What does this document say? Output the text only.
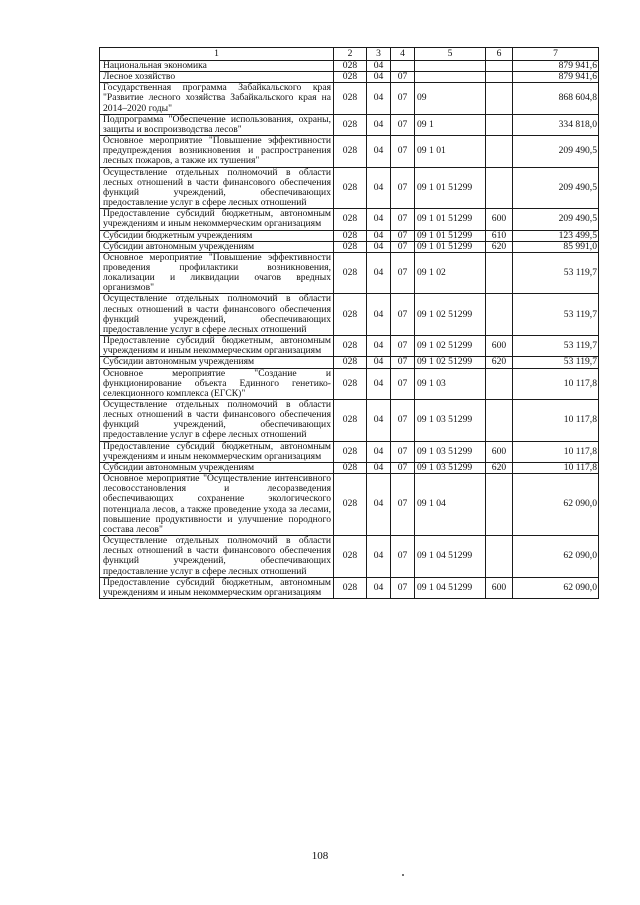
1	2	3	4	5	6	7
Национальная экономика	028	04				879 941,6
Лесное хозяйство	028	04	07			879 941,6
Государственная программа Забайкальского края "Развитие лесного хозяйства Забайкальского края на 2014–2020 годы"	028	04	07	09		868 604,8
Подпрограмма "Обеспечение использования, охраны, защиты и воспроизводства лесов"	028	04	07	09 1		334 818,0
Основное мероприятие "Повышение эффективности предупреждения возникновения и распространения лесных пожаров, а также их тушения"	028	04	07	09 1 01		209 490,5
Осуществление отдельных полномочий в области лесных отношений в части финансового обеспечения функций учреждений, обеспечивающих предоставление услуг в сфере лесных отношений	028	04	07	09 1 01 51299		209 490,5
Предоставление субсидий бюджетным, автономным учреждениям и иным некоммерческим организациям	028	04	07	09 1 01 51299	600	209 490,5
Субсидии бюджетным учреждениям	028	04	07	09 1 01 51299	610	123 499,5
Субсидии автономным учреждениям	028	04	07	09 1 01 51299	620	85 991,0
Основное мероприятие "Повышение эффективности проведения профилактики возникновения, локализации и ликвидации очагов вредных организмов"	028	04	07	09 1 02		53 119,7
Осуществление отдельных полномочий в области лесных отношений в части финансового обеспечения функций учреждений, обеспечивающих предоставление услуг в сфере лесных отношений	028	04	07	09 1 02 51299		53 119,7
Предоставление субсидий бюджетным, автономным учреждениям и иным некоммерческим организациям	028	04	07	09 1 02 51299	600	53 119,7
Субсидии автономным учреждениям	028	04	07	09 1 02 51299	620	53 119,7
Основное мероприятие "Создание и функционирование объекта Единного генетико-селекционного комплекса (ЕГСК)"	028	04	07	09 1 03		10 117,8
Осуществление отдельных полномочий в области лесных отношений в части финансового обеспечения функций учреждений, обеспечивающих предоставление услуг в сфере лесных отношений	028	04	07	09 1 03 51299		10 117,8
Предоставление субсидий бюджетным, автономным учреждениям и иным некоммерческим организациям	028	04	07	09 1 03 51299	600	10 117,8
Субсидии автономным учреждениям	028	04	07	09 1 03 51299	620	10 117,8
Основное мероприятие "Осуществление интенсивного лесовосстановления и лесоразведения обеспечивающих сохранение экологического потенциала лесов, а также проведение ухода за лесами, повышение продуктивности и улучшение породного состава лесов"	028	04	07	09 1 04		62 090,0
Осуществление отдельных полномочий в области лесных отношений в части финансового обеспечения функций учреждений, обеспечивающих предоставление услуг в сфере лесных отношений	028	04	07	09 1 04 51299		62 090,0
Предоставление субсидий бюджетным, автономным учреждениям и иным некоммерческим организациям	028	04	07	09 1 04 51299	600	62 090,0
108
